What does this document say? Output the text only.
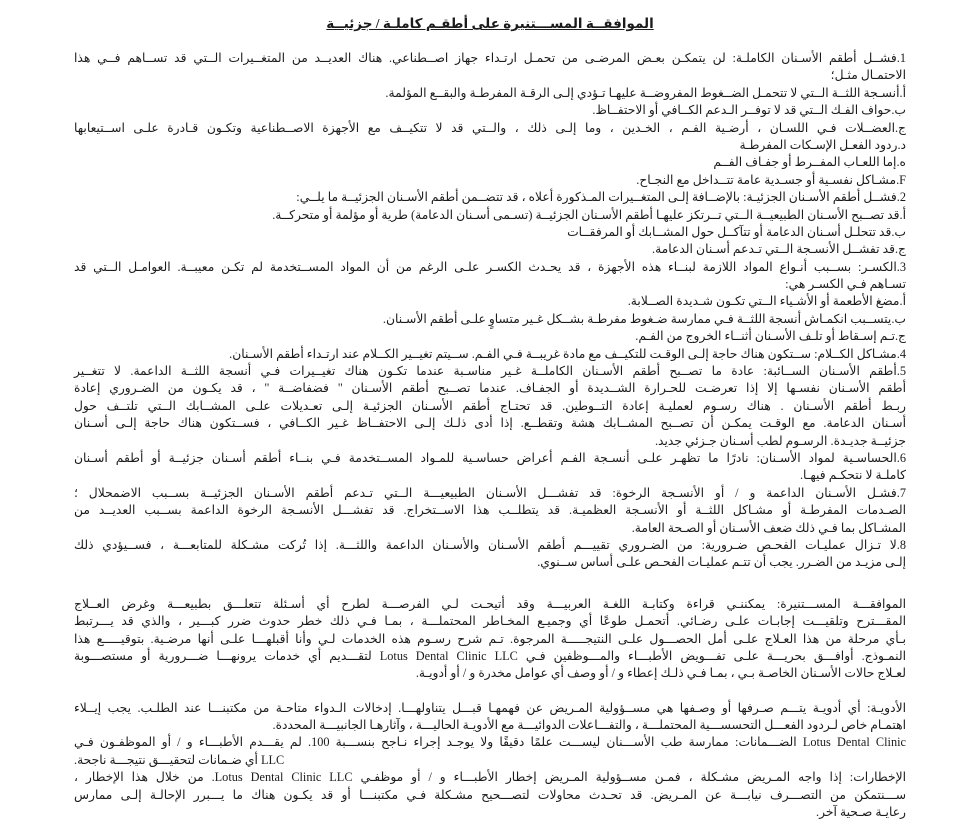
الموافقــة المســـتنيرة على أطقـم كاملـة / جزئيــة
1.فشــل أطقم الأسـنان الكاملـة: لن يتمكـن بعـض المرضـى من تحمـل ارتـداء جهاز اصــطناعي. هناك العديــد من المتغــيرات الــتي قد تســاهم فــي هذا
الاحتمـال مثـل؛
أ.أنسـجة اللثــة الــتي لا تتحمـل الضــغوط المفروضــة عليهـا تـؤدي إلـى الرقـة المفرطـة والبقــع المؤلمة.
ب.حواف الفـك الــتي قد لا توفــر الـدعم الكــافي أو الاحتفــاظ.
ج.العضــلات فـي اللسـان ، أرضـية الفـم ، الخـدين ، وما إلـى ذلك ، والــتي قد لا تتكيــف مع الأجهزة الاصــطناعية وتكـون قـادرة علـى اســتيعابها
د.ردود الفعـل الإسـكات المفرطـة
ه.إما اللعـاب المفــرط أو جفـاف الفــم
F.مشـاكل نفسـية أو جسـدية عامة تتــداخل مع النجـاح.
2.فشــل أطقم الأسـنان الجزئيـة: بالإضــافة إلـى المتغــيرات المـذكورة أعلاه ، قد تتضــمن أطقم الأسـنان الجزئيــة ما يلــي:
أ.قد تصــبح الأسـنان الطبيعيــة الــتي تــرتكز عليهـا أطقم الأسـنان الجزئيــة (تسـمى أسـنان الدعامة) طرية أو مؤلمة أو متحركــة.
ب.قد تتحلـل أسـنان الدعامة أو تتآكــل حول المشــابك أو المرفقــات
ج.قد تفشــل الأنسـجة الــتي تـدعم أسـنان الدعامة.
3.الكسـر: بســبب أنـواع المواد اللازمة لبنــاء هذه الأجهزة ، قد يحـدث الكسـر علـى الرغم من أن المواد المســتخدمة لم تكـن معيبــة. العوامـل الــتي قد
تسـاهم فـي الكسـر هي:
أ.مضغ الأطعمة أو الأشـياء الــتي تكـون شـديدة الصــلابة.
ب.يتســبب انكمـاش أنسجة اللثــة فـي ممارسة ضـغوط مفرطـة بشــكل غـير متساوٍ علـى أطقم الأسـنان.
ج.تـم إسـقاط أو تلـف الأسـنان أثنــاء الخروج من الفـم.
4.مشـاكل الكــلام: ســتكون هناك حاجة إلـى الوقـت للتكيــف مع مادة غريبــة فـي الفـم. ســيتم تغيــير الكــلام عند ارتـداء أطقم الأسـنان.
5.أطقم الأسـنان الســائبة: عادة ما تصــبح أطقم الأسـنان الكاملــة غـير مناسـبة عندما تكـون هناك تغيــيرات فـي أنسجة اللثــة الداعمة. لا تتغــير
أطقم الأسـنان نفسـها إلا إذا تعرضـت للحـرارة الشــديدة أو الجفـاف. عندما تصــبح أطقم الأسـنان " فضفاضــة " ، قد يكـون من الضـروري إعادة
ربـط أطقم الأسـنان . هناك رسـوم لعمليـة إعادة التــوطين. قد تحتـاج أطقم الأسـنان الجزئيـة إلـى تعـديلات علـى المشــابك الــتي تلتــف حول
أسـنان الدعامة. مع الوقـت يمكـن أن تصــبح المشــابك هشة وتقطــع. إذا أدى ذلـك إلـى الاحتفــاظ غـير الكــافي ، فســتكون هناك حاجة إلـى أسـنان
جزئيــة جديـدة. الرسـوم لطب أسـنان جـزئي جديد.
6.الحساسـية لمواد الأسـنان: نادرًا ما تظهـر علـى أنسـجة الفـم أعراض حساسـية للمـواد المســتخدمة فـي بنــاء أطقم أسـنان جزئيــة أو أطقم أسـنان
كاملـة لا نتحكـم فيهـا.
7.فشـل الأسـنان الداعمة و / أو الأنسـجة الرخوة: قد تفشـــل الأسـنان الطبيعيـــة الــتي تـدعم أطقم الأسـنان الجزئيــة بســبب الاضمحلال ؛
الصـدمات المفرطـة أو مشـاكل اللثــة أو الأنسـجة العظميـة. قد يتطلــب هذا الاســتخراج. قد تفشـــل الأنسـجة الرخوة الداعمة بســبب العديــد من
المشـاكل بما فـي ذلك ضعف الأسـنان أو الصـحة العامة.
8.لا تـزال عمليـات الفحـص ضـرورية: من الضـروري تقييـــم أطقم الأسـنان والأسـنان الداعمة واللثـــة. إذا تُركت مشـكلة للمتابعـــة ، فســيؤدي ذلك
إلـى مزيـد من الضـرر. يجب أن تتـم عمليـات الفحـص علـى أساس ســنوي.
الموافقـــة المســـتنيرة: يمكننـي قراءة وكتابـة اللغـة العربيـــة وقد أتيحـت لـي الفرصـــة لطرح أي أسـئلة تتعلـــق بطبيعـــة وغرض العــلاج
المقـــترح وتلقيـــت إجابـات علـى رضـائي. أتحمـل طوعًا أي وجميـع المخـاطر المحتملـــة ، بمـا فـي ذلك خطر حدوث ضرر كبـــير ، والذي قد يـــرتبط
بـأي مرحلة من هذا العـلاج علـى أمل الحصـــول علـى النتيجـــــة المرجوة. تـم شرح رسـوم هذه الخدمات لـي وأنا أقبلهـــا علـى أنها مرضـية. بتوقيـــــع هذا
النمـوذج. أوافـــق بحريـــة علـى تفـــويض الأطبـــاء والمـــوظفين فـي Lotus Dental Clinic LLC لتقـــديم أي خدمات يرونهـــا ضـــرورية أو مستصـــوبة
لعـلاج حالات الأسـنان الخاصـة بـي ، بمـا فـي ذلـك إعطاء و / أو وصف أي عوامل مخدرة و / أو أدويـة.
الأدويـة: أي أدويـة يتـــم صـرفها أو وصـفها هي مســؤولية المـريض عن فهمهـا قبـــل يتناولهـــا. إدخالات الـدواء متاحـة من مكتبنـــا عند الطلـب. يجب إيــلاء
اهتمـام خاص لـردود الفعـــل التحسســـية المحتملـــة ، والتفـــاعلات الدوائيـــة مع الأدويـة الحاليـــة ، وآثارهـا الجانبيـــة المحددة.
Lotus Dental Clinic الضـــمانات: ممارسة طب الأســـنان ليســـت علمًا دقيقًا ولا يوجـد إجراء نـاجح بنســـبة 100. لم يقـــدم الأطبـــاء و / أو الموظفـون فـي
LLC أي ضـمانات لتحقيـــق نتيجـــة ناجحة.
الإخطارات: إذا واجه المـريض مشـكلة ، فمـن مســؤولية المـريض إخطار الأطبـــاء و / أو موظفـي Lotus Dental Clinic LLC. من خلال هذا الإخطار ،
ســـنتمكن من التصـــرف نيابـــة عن المـريض. قد تحـدث محاولات لتصـــحيح مشـكلة فـي مكتبنـــا أو قد يكـون هناك ما يـــبرر الإحالـة إلـى ممارس
رعايـة صـحية آخر.
